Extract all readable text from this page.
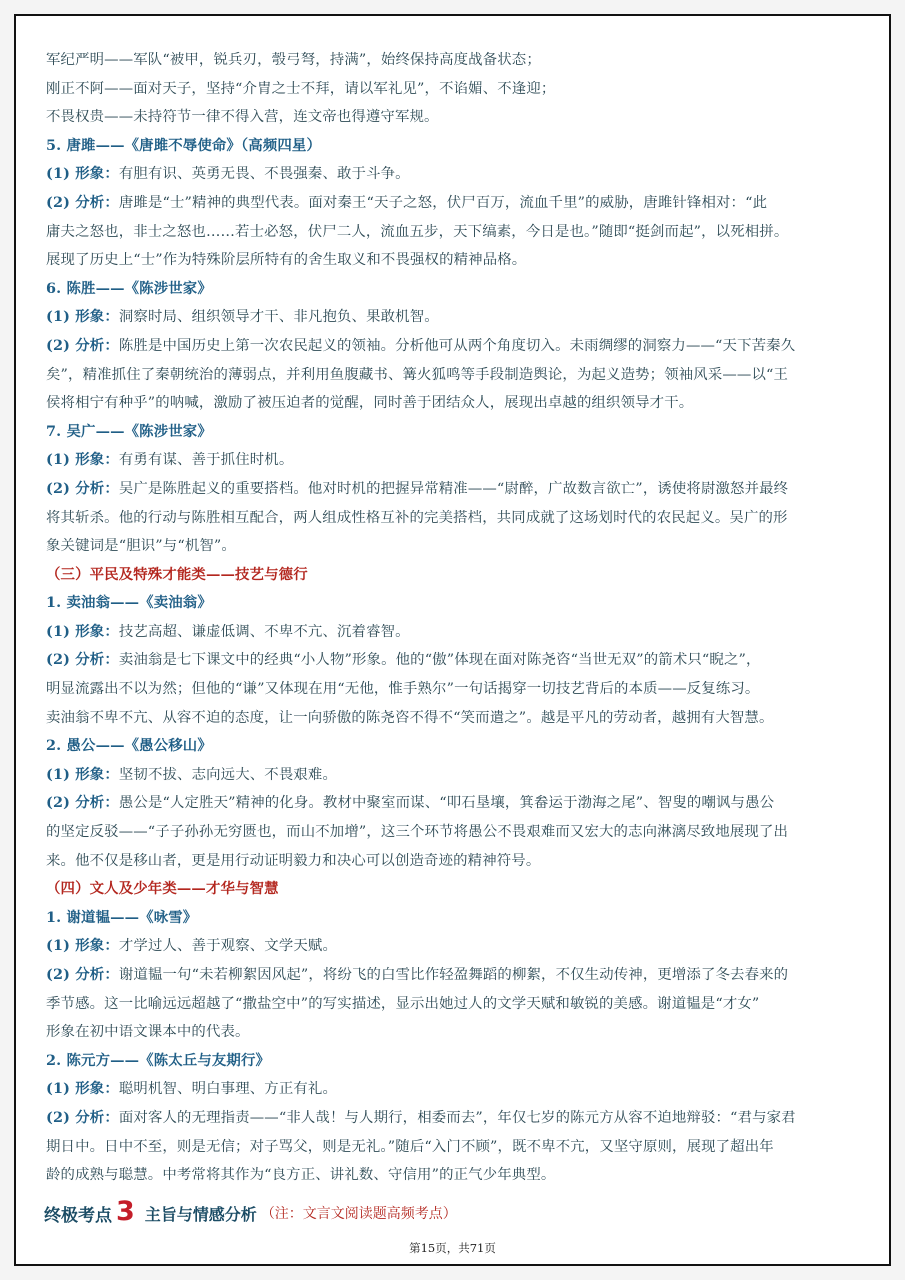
军纪严明——军队“被甲，锐兵刃，彀弓弩，持满”，始终保持高度战备状态；
刚正不阿——面对天子，坚持“介胄之士不拜，请以军礼见”，不谄媚、不逢迎；
不畏权贵——未持符节一律不得入营，连文帝也得遵守军规。
5. 唐雎——《唐雎不辱使命》（高频四星）
(1) 形象：有胆有识、英勇无畏、不畏强秦、敢于斗争。
(2) 分析：唐雎是“士”精神的典型代表。面对秦王“天子之怒，伏尸百万，流血千里”的威胁，唐雎针锋相对：“此
庸夫之怒也，非士之怒也……若士必怒，伏尸二人，流血五步，天下缟素，今日是也。”随即“挺剑而起”，以死相拼。
展现了历史上“士”作为特殊阶层所特有的舍生取义和不畏强权的精神品格。
6. 陈胜——《陈涉世家》
(1) 形象：洞察时局、组织领导才干、非凡抱负、果敢机智。
(2) 分析：陈胜是中国历史上第一次农民起义的领袖。分析他可从两个角度切入。未雨绸缪的洞察力——“天下苦秦久
矣”，精准抓住了秦朝统治的薄弱点，并利用鱼腹藏书、篝火狐鸣等手段制造舆论，为起义造势；领袖风采——以“王
侯将相宁有种乎”的呐喊，激励了被压迫者的觉醒，同时善于团结众人，展现出卓越的组织领导才干。
7. 吴广——《陈涉世家》
(1) 形象：有勇有谋、善于抓住时机。
(2) 分析：吴广是陈胜起义的重要搭档。他对时机的把握异常精准——“尉醉，广故数言欲亡”，诱使将尉激怒并最终
将其斩杀。他的行动与陈胜相互配合，两人组成性格互补的完美搭档，共同成就了这场划时代的农民起义。吴广的形
象关键词是“胆识”与“机智”。
（三）平民及特殊才能类——技艺与德行
1. 卖油翁——《卖油翁》
(1) 形象：技艺高超、谦虚低调、不卑不亢、沉着睿智。
(2) 分析：卖油翁是七下课文中的经典“小人物”形象。他的“傲”体现在面对陈尧咨“当世无双”的箭术只“睨之”，
明显流露出不以为然；但他的“谦”又体现在用“无他，惟手熟尔”一句话揭穿一切技艺背后的本质——反复练习。
卖油翁不卑不亢、从容不迫的态度，让一向骄傲的陈尧咨不得不“笑而遣之”。越是平凡的劳动者，越拥有大智慧。
2. 愚公——《愚公移山》
(1) 形象：坚韧不拔、志向远大、不畏艰难。
(2) 分析：愚公是“人定胜天”精神的化身。教材中聚室而谋、“叩石垦壤，箕畚运于渤海之尾”、智叟的嘲讽与愚公
的坚定反驳——“子子孙孙无穷匮也，而山不加增”，这三个环节将愚公不畏艰难而又宏大的志向淋漓尽致地展现了出
来。他不仅是移山者，更是用行动证明毅力和决心可以创造奇迹的精神符号。
（四）文人及少年类——才华与智慧
1. 谢道韫——《咏雪》
(1) 形象：才学过人、善于观察、文学天赋。
(2) 分析：谢道韫一句“未若柳絮因风起”，将纷飞的白雪比作轻盈舞蹈的柳絮，不仅生动传神，更增添了冬去春来的
季节感。这一比喻远远超越了“撒盐空中”的写实描述，显示出她过人的文学天赋和敏锐的美感。谢道韫是“才女”
形象在初中语文课本中的代表。
2. 陈元方——《陈太丘与友期行》
(1) 形象：聪明机智、明白事理、方正有礼。
(2) 分析：面对客人的无理指责——“非人哉！与人期行，相委而去”，年仅七岁的陈元方从容不迫地辩驳：“君与家君
期日中。日中不至，则是无信；对子骂父，则是无礼。”随后“入门不顾”，既不卑不亢，又坚守原则，展现了超出年
龄的成熟与聪慧。中考常将其作为“良方正、讲礼数、守信用”的正气少年典型。
终极考点 3 主旨与情感分析 （注：文言文阅读题高频考点）
第15页，共71页
